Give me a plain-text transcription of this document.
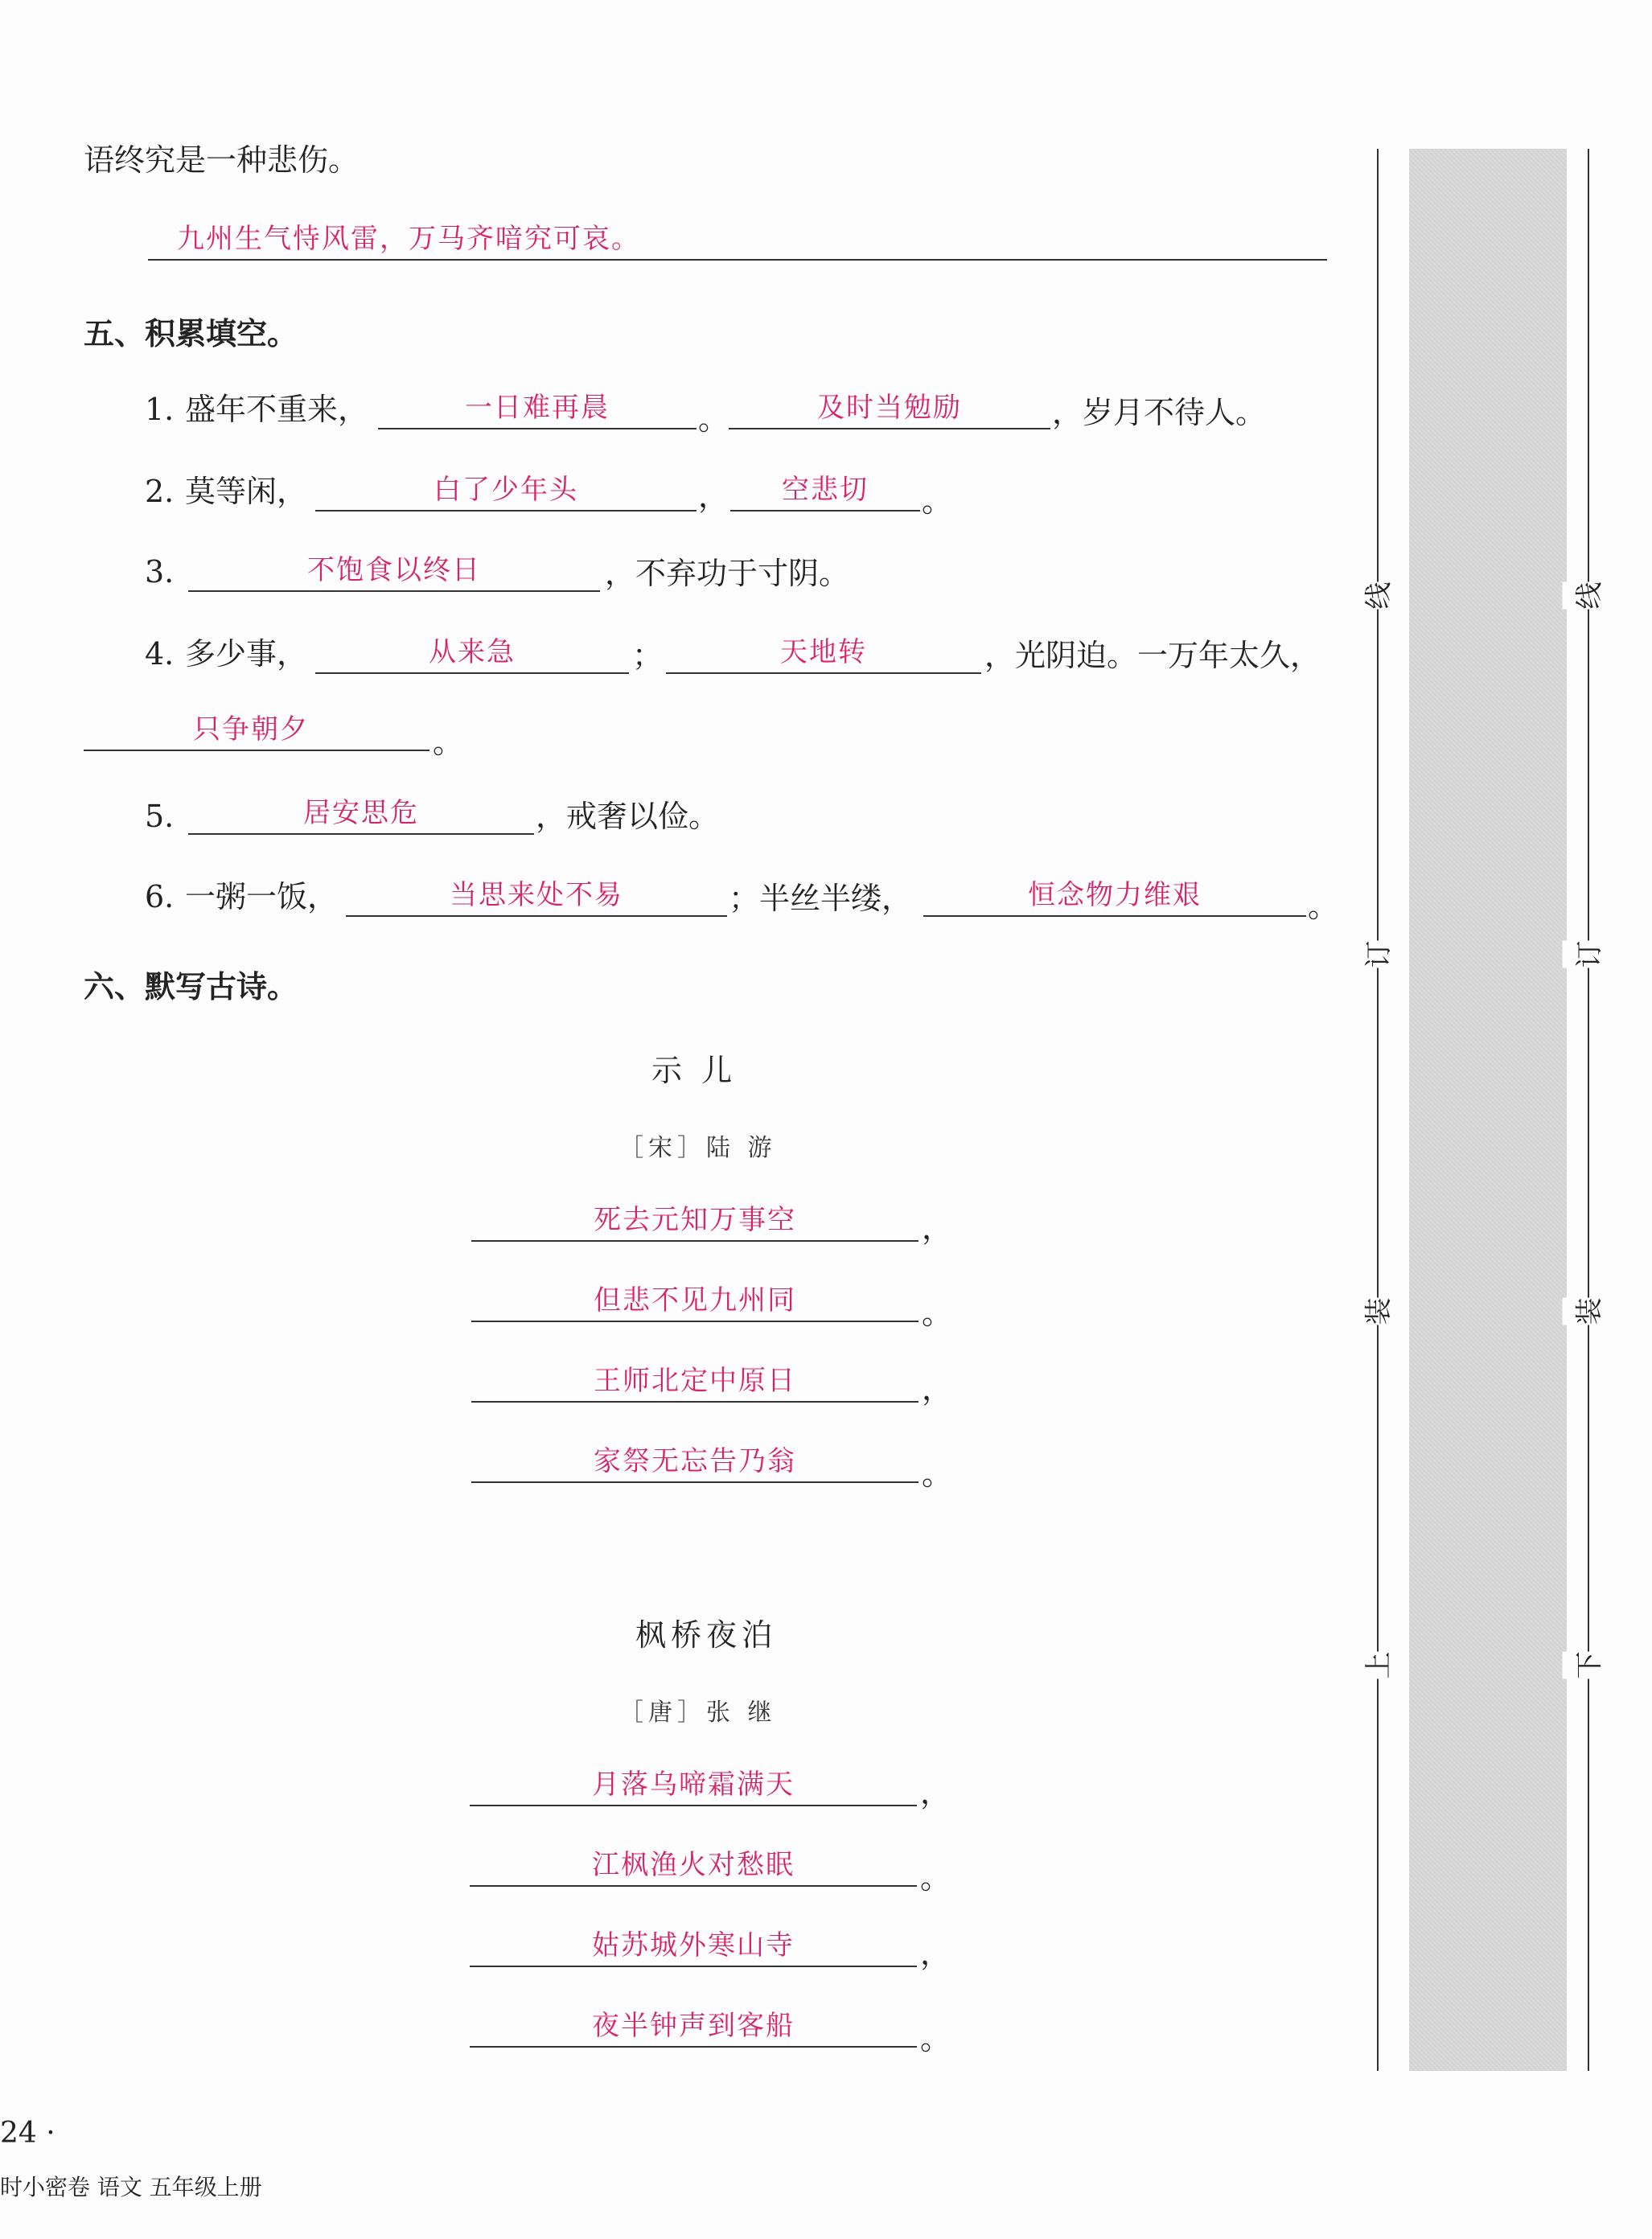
语终究是一种悲伤。
九州生气恃风雷，万马齐喑究可哀。
五、积累填空。
1. 盛年不重来，	一日难再晨	。	及时当勉励	，岁月不待人。
2. 莫等闲，	白了少年头	，	空悲切	。
3.	不饱食以终日	，不弃功于寸阴。
4. 多少事，	从来急	；	天地转	，光阴迫。一万年太久，
只争朝夕	。
5.	居安思危	，戒奢以俭。
6. 一粥一饭，	当思来处不易	；半丝半缕，	恒念物力维艰	。
六、默写古诗。
示 儿
［宋］陆 游
死去元知万事空	，
但悲不见九州同	。
王师北定中原日	，
家祭无忘告乃翁	。
枫桥夜泊
［唐］张 继
月落乌啼霜满天	，
江枫渔火对愁眠	。
姑苏城外寒山寺	，
夜半钟声到客船	。
线
订
装
上
线
订
装
下
24 ·
时小密卷 语文 五年级上册
